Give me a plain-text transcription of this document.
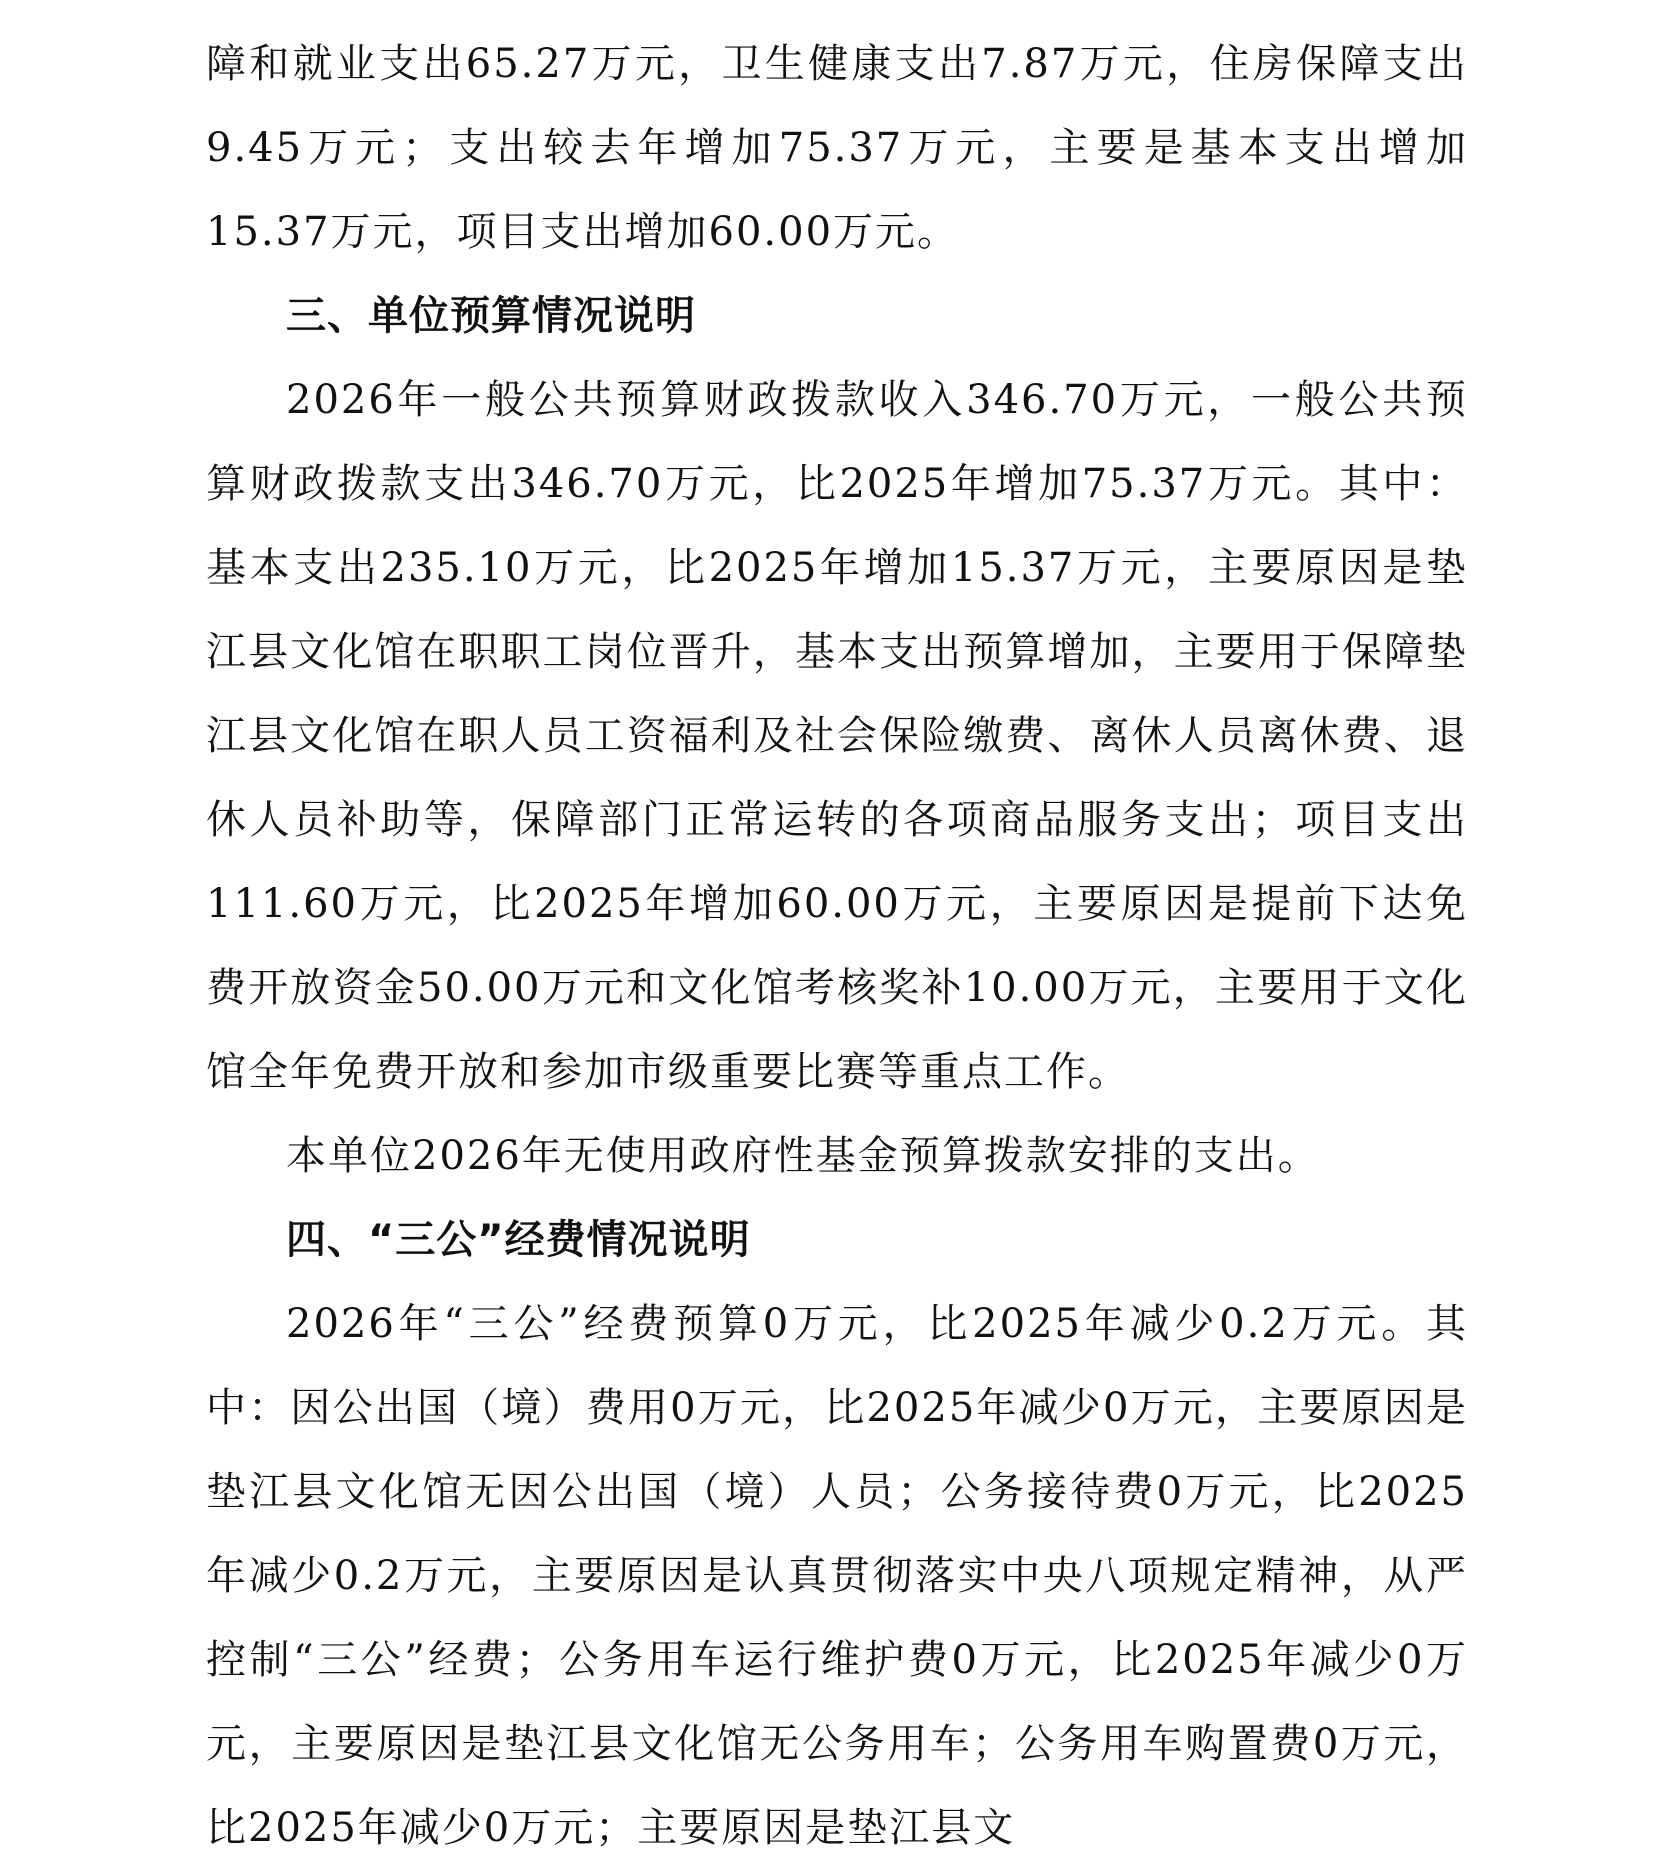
障和就业支出65.27万元，卫生健康支出7.87万元，住房保障支出9.45万元；支出较去年增加75.37万元，主要是基本支出增加15.37万元，项目支出增加60.00万元。

三、单位预算情况说明

2026年一般公共预算财政拨款收入346.70万元，一般公共预算财政拨款支出346.70万元，比2025年增加75.37万元。其中：基本支出235.10万元，比2025年增加15.37万元，主要原因是垫江县文化馆在职职工岗位晋升，基本支出预算增加，主要用于保障垫江县文化馆在职人员工资福利及社会保险缴费、离休人员离休费、退休人员补助等，保障部门正常运转的各项商品服务支出；项目支出111.60万元，比2025年增加60.00万元，主要原因是提前下达免费开放资金50.00万元和文化馆考核奖补10.00万元，主要用于文化馆全年免费开放和参加市级重要比赛等重点工作。

本单位2026年无使用政府性基金预算拨款安排的支出。

四、“三公”经费情况说明

2026年“三公”经费预算0万元，比2025年减少0.2万元。其中：因公出国（境）费用0万元，比2025年减少0万元，主要原因是垫江县文化馆无因公出国（境）人员；公务接待费0万元，比2025年减少0.2万元，主要原因是认真贯彻落实中央八项规定精神，从严控制“三公”经费；公务用车运行维护费0万元，比2025年减少0万元，主要原因是垫江县文化馆无公务用车；公务用车购置费0万元，比2025年减少0万元；主要原因是垫江县文
